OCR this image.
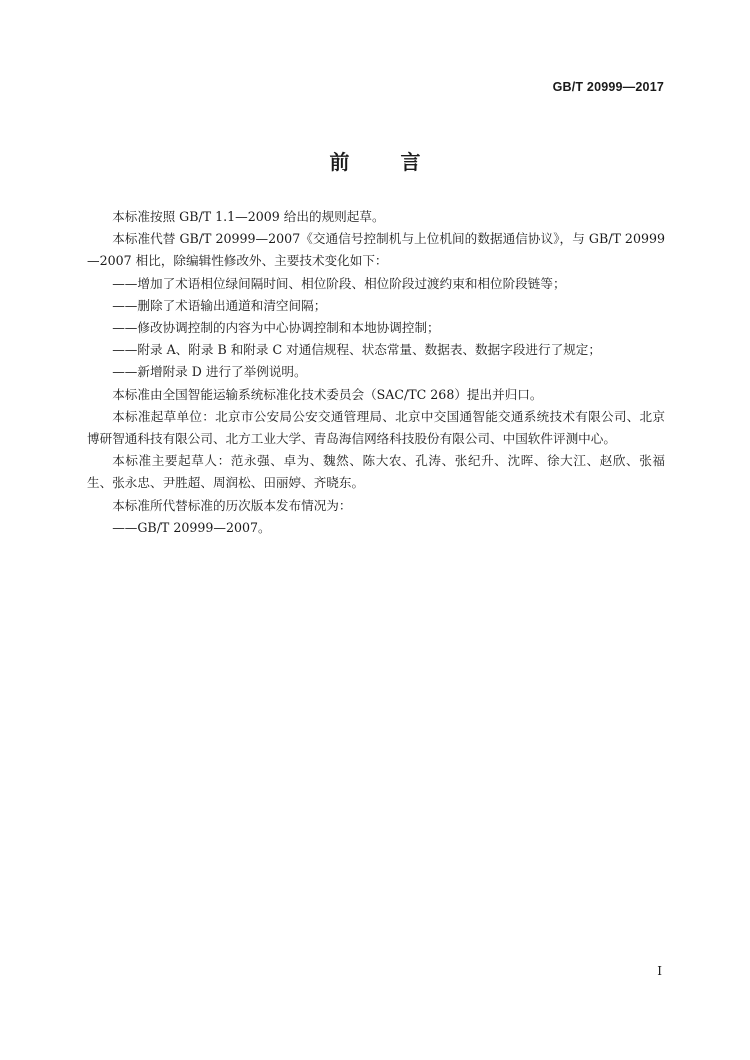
GB/T 20999—2017
前 言

本标准按照 GB/T 1.1—2009 给出的规则起草。

本标准代替 GB/T 20999—2007《交通信号控制机与上位机间的数据通信协议》，与 GB/T 20999—2007 相比，除编辑性修改外、主要技术变化如下：

——增加了术语相位绿间隔时间、相位阶段、相位阶段过渡约束和相位阶段链等；

——删除了术语输出通道和清空间隔；

——修改协调控制的内容为中心协调控制和本地协调控制；

——附录 A、附录 B 和附录 C 对通信规程、状态常量、数据表、数据字段进行了规定；

——新增附录 D 进行了举例说明。

本标准由全国智能运输系统标准化技术委员会（SAC/TC 268）提出并归口。

本标准起草单位：北京市公安局公安交通管理局、北京中交国通智能交通系统技术有限公司、北京博研智通科技有限公司、北方工业大学、青岛海信网络科技股份有限公司、中国软件评测中心。

本标准主要起草人：范永强、卓为、魏然、陈大农、孔涛、张纪升、沈晖、徐大江、赵欣、张福生、张永忠、尹胜超、周润松、田丽婷、齐晓东。

本标准所代替标准的历次版本发布情况为：

——GB/T 20999—2007。

I
